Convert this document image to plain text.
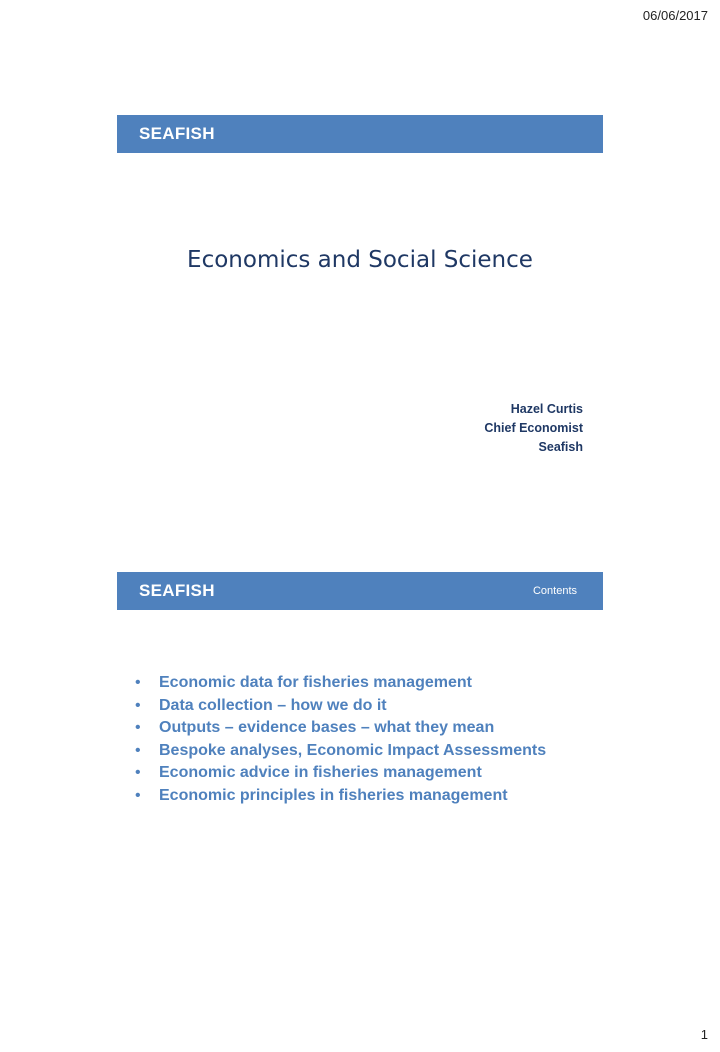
06/06/2017
SEAFISH
Economics and Social Science
Hazel Curtis
Chief Economist
Seafish
SEAFISH	Contents
•	Economic data for fisheries management
•	Data collection – how we do it
•	Outputs – evidence bases – what they mean
•	Bespoke analyses, Economic Impact Assessments
•	Economic advice in fisheries management
•	Economic principles in fisheries management
1
